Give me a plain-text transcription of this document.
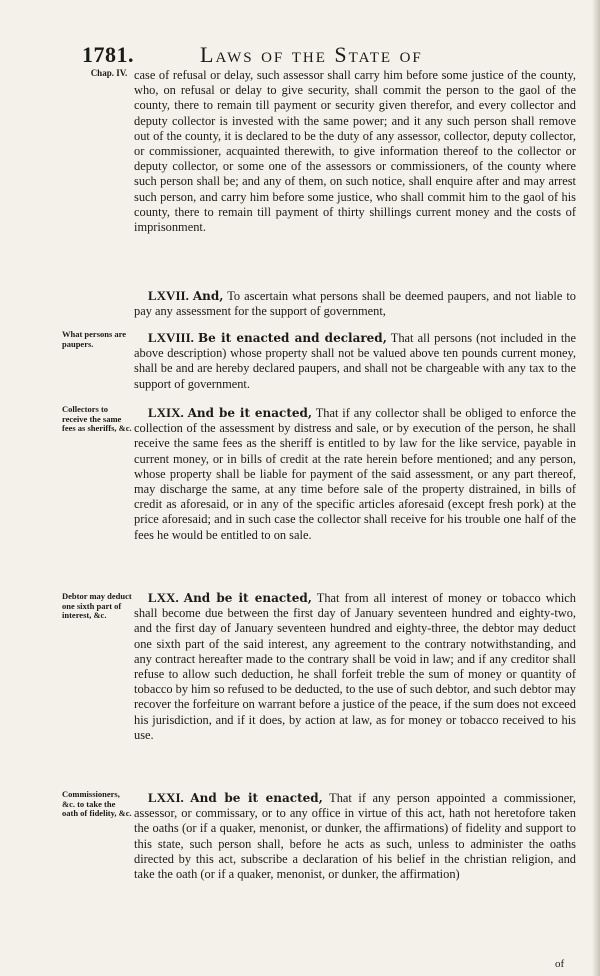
1781.	Laws of the State of
Chap. IV. case of refusal or delay, such assessor shall carry him before some justice of the county, who, on refusal or delay to give security, shall commit the person to the gaol of the county, there to remain till payment or security given therefor, and every collector and deputy collector is invested with the same power; and it any such person shall remove out of the county, it is declared to be the duty of any assessor, collector, deputy collector, or commissioner, acquainted therewith, to give information thereof to the collector or deputy collector, or some one of the assessors or commissioners, of the county where such person shall be; and any of them, on such notice, shall enquire after and may arrest such person, and carry him before some justice, who shall commit him to the gaol of his county, there to remain till payment of thirty shillings current money and the costs of imprisonment.
LXVII. And, To ascertain what persons shall be deemed paupers, and not liable to pay any assessment for the support of government,
What persons are paupers.	LXVIII. Be it enacted and declared, That all persons (not included in the above description) whose property shall not be valued above ten pounds current money, shall be and are hereby declared paupers, and shall not be chargeable with any tax to the support of government.
Collectors to receive the same fees as sheriffs, &c.
LXIX. And be it enacted, That if any collector shall be obliged to enforce the collection of the assessment by distress and sale, or by execution of the person, he shall receive the same fees as the sheriff is entitled to by law for the like service, payable in current money, or in bills of credit at the rate herein before mentioned; and any person, whose property shall be liable for payment of the said assessment, or any part thereof, may discharge the same, at any time before sale of the property distrained, in bills of credit as aforesaid, or in any of the specific articles aforesaid (except fresh pork) at the price aforesaid; and in such case the collector shall receive for his trouble one half of the fees he would be entitled to on sale.
Debtor may deduct one sixth part of interest, &c.
LXX. And be it enacted, That from all interest of money or tobacco which shall become due between the first day of January seventeen hundred and eighty-two, and the first day of January seventeen hundred and eighty-three, the debtor may deduct one sixth part of the said interest, any agreement to the contrary notwithstanding, and any contract hereafter made to the contrary shall be void in law; and if any creditor shall refuse to allow such deduction, he shall forfeit treble the sum of money or quantity of tobacco by him so refused to be deducted, to the use of such debtor, and such debtor may recover the forfeiture on warrant before a justice of the peace, if the sum does not exceed his jurisdiction, and if it does, by action at law, as for money or tobacco received to his use.
Commissioners, &c. to take the oath of fidelity, &c.
LXXI. And be it enacted, That if any person appointed a commissioner, assessor, or commissary, or to any office in virtue of this act, hath not heretofore taken the oaths (or if a quaker, menonist, or dunker, the affirmations) of fidelity and support to this state, such person shall, before he acts as such, unless to administer the oaths directed by this act, subscribe a declaration of his belief in the christian religion, and take the oath (or if a quaker, menonist, or dunker, the affirmation)
of
